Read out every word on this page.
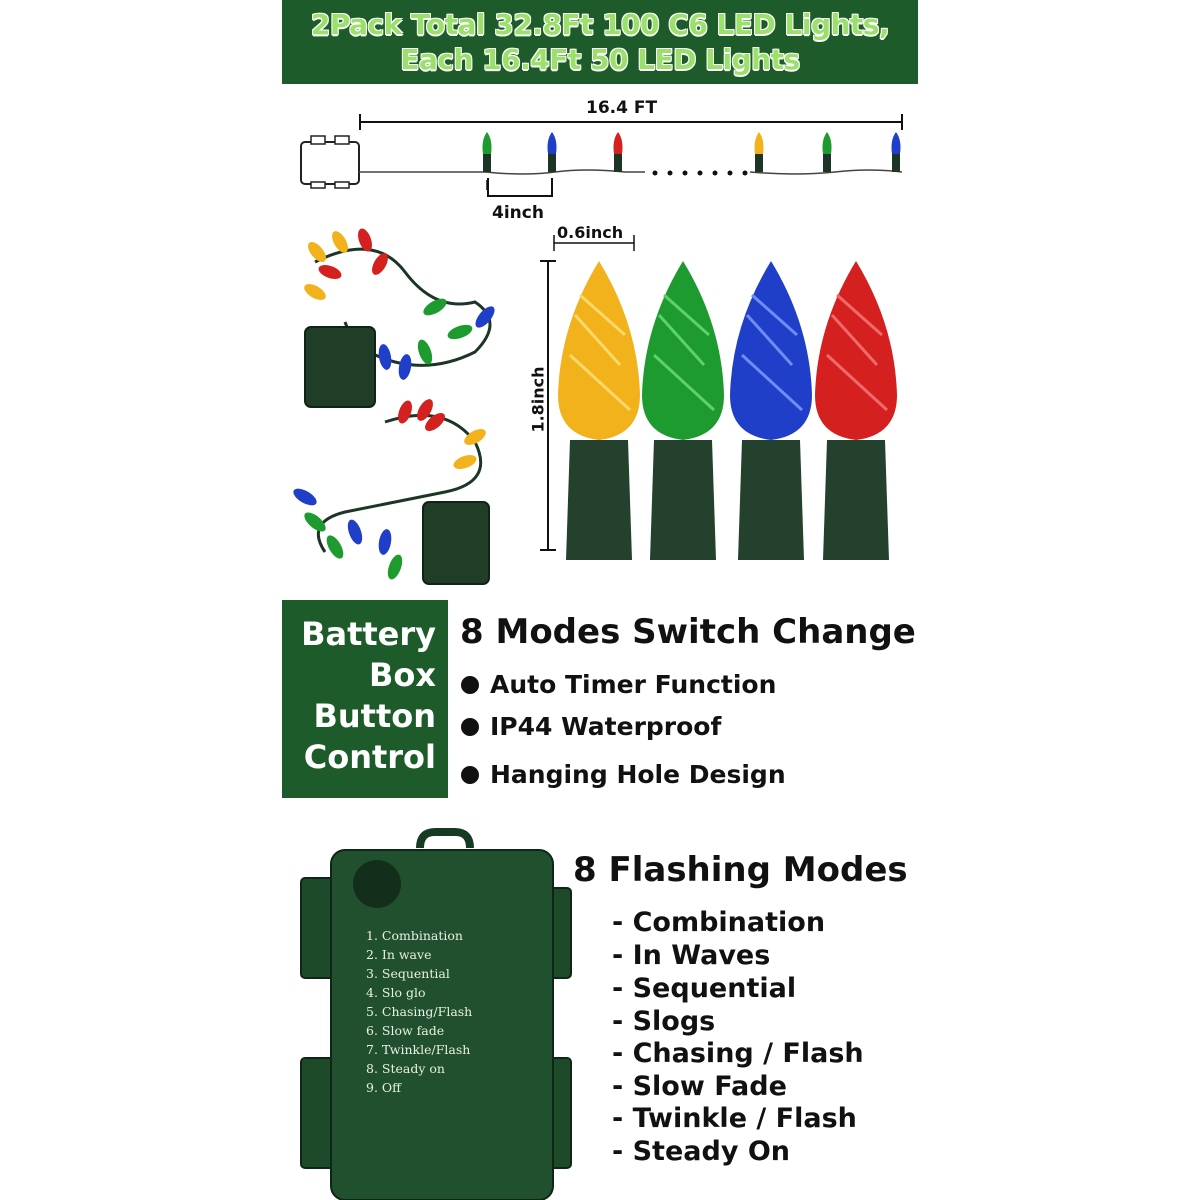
2Pack Total 32.8Ft 100 C6 LED Lights,
Each 16.4Ft 50 LED Lights
16.4 FT
4inch
0.6inch
1.8inch
Battery
Box
Button
Control
8 Modes Switch Change
Auto Timer Function
IP44 Waterproof
Hanging Hole Design
1. Combination
2. In wave
3. Sequential
4. Slo glo
5. Chasing/Flash
6. Slow fade
7. Twinkle/Flash
8. Steady on
9. Off
8 Flashing Modes
- Combination
- In Waves
- Sequential
- Slogs
- Chasing / Flash
- Slow Fade
- Twinkle / Flash
- Steady On
